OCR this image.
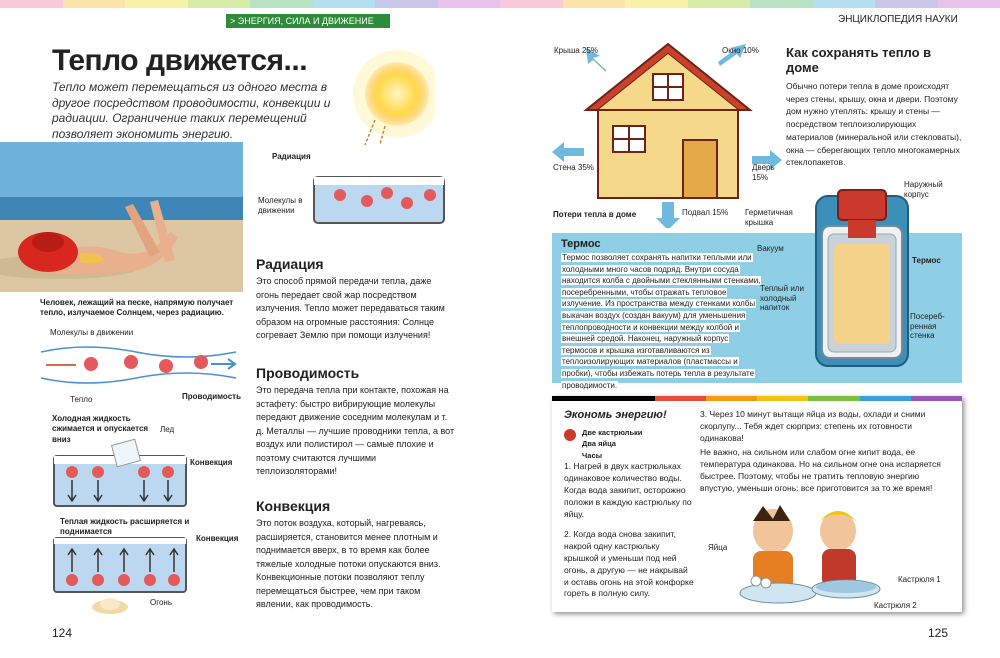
> ЭНЕРГИЯ, СИЛА И ДВИЖЕНИЕ
Тепло движется...
Тепло может перемещаться из одного места в другое посредством проводимости, конвекции и радиации. Ограничение таких перемещений позволяет экономить энергию.
Человек, лежащий на песке, напрямую получает тепло, излучаемое Солнцем, через радиацию.
Радиация
Молекулы в движении
Молекулы в движении
Тепло	Проводимость
Холодная жидкость сжимается и опускается вниз
Лед
Конвекция
Теплая жидкость расширяется и поднимается
Конвекция
Огонь
Радиация
Это способ прямой передачи тепла, даже огонь передает свой жар посредством излучения. Тепло может передаваться таким образом на огромные расстояния: Солнце согревает Землю при помощи излучения!
Проводимость
Это передача тепла при контакте, похожая на эстафету: быстро вибрирующие молекулы передают движение соседним молекулам и т. д. Металлы — лучшие проводники тепла, а вот воздух или полистирол — самые плохие и поэтому считаются лучшими теплоизоляторами!
Конвекция
Это поток воздуха, который, нагреваясь, расширяется, становится менее плотным и поднимается вверх, в то время как более тяжелые холодные потоки опускаются вниз. Конвекционные потоки позволяют теплу перемещаться быстрее, чем при таком явлении, как проводимость.
124
ЭНЦИКЛОПЕДИЯ НАУКИ
Крыша 25%	Окно 10%
Стена 35%	Дверь 15%
Подвал 15%
Потери тепла в доме
Как сохранять тепло в доме
Обычно потери тепла в доме происходят через стены, крышу, окна и двери. Поэтому дом нужно утеплять: крышу и стены — посредством теплоизолирующих материалов (минеральной или стекловаты), окна — сберегающих тепло многокамерных стеклопакетов.
Термос
Термос позволяет сохранять напитки теплыми или холодными много часов подряд. Внутри сосуда находится колба с двойными стеклянными стенками, посеребренными, чтобы отражать тепловое излучение. Из пространства между стенками колбы выкачан воздух (создан вакуум) для уменьшения теплопроводности и конвекции между колбой и внешней средой. Наконец, наружный корпус термосов и крышка изготавливаются из теплоизолирующих материалов (пластмассы и пробки), чтобы избежать потерь тепла в результате проводимости.
Наружный корпус
Герметичная крышка
Вакуум
Теплый или холодный напиток
Термос
Посереб-ренная стенка
Экономь энергию!
Две кастрюльки
Два яйца
Часы
1. Нагрей в двух кастрюльках одинаковое количество воды. Когда вода закипит, осторожно положи в каждую кастрюльку по яйцу.
2. Когда вода снова закипит, накрой одну кастрюльку крышкой и уменьши под ней огонь, а другую — не накрывай и оставь огонь на этой конфорке гореть в полную силу.
3. Через 10 минут вытащи яйца из воды, охлади и сними скорлупу... Тебя ждет сюрприз: степень их готовности одинакова!
Не важно, на сильном или слабом огне кипит вода, ее температура одинакова. Но на сильном огне она испаряется быстрее. Поэтому, чтобы не тратить тепловую энергию впустую, уменьши огонь: все приготовится за то же время!
Яйца
Кастрюля 1
Кастрюля 2
125
